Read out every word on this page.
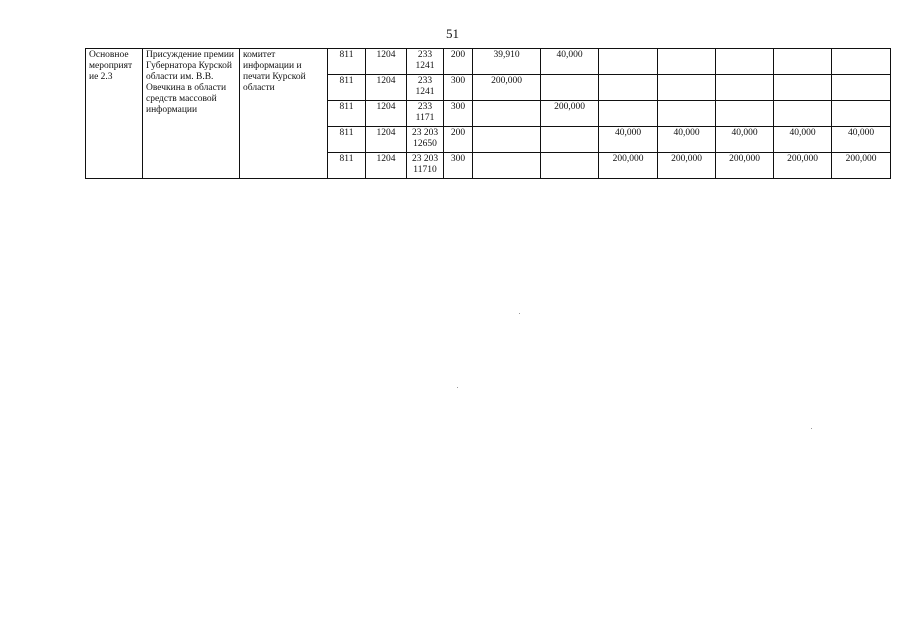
51
Основное мероприят ие 2.3	Присуждение премии Губернатора Курской области им. В.В. Овечкина в области средств массовой информации	комитет информации и печати Курской области	811	1204	233 1241	200	39,910	40,000					
			811	1204	233 1241	300	200,000						
			811	1204	233 1171	300		200,000					
			811	1204	23 203 12650	200			40,000	40,000	40,000	40,000	40,000
			811	1204	23 203 11710	300			200,000	200,000	200,000	200,000	200,000
